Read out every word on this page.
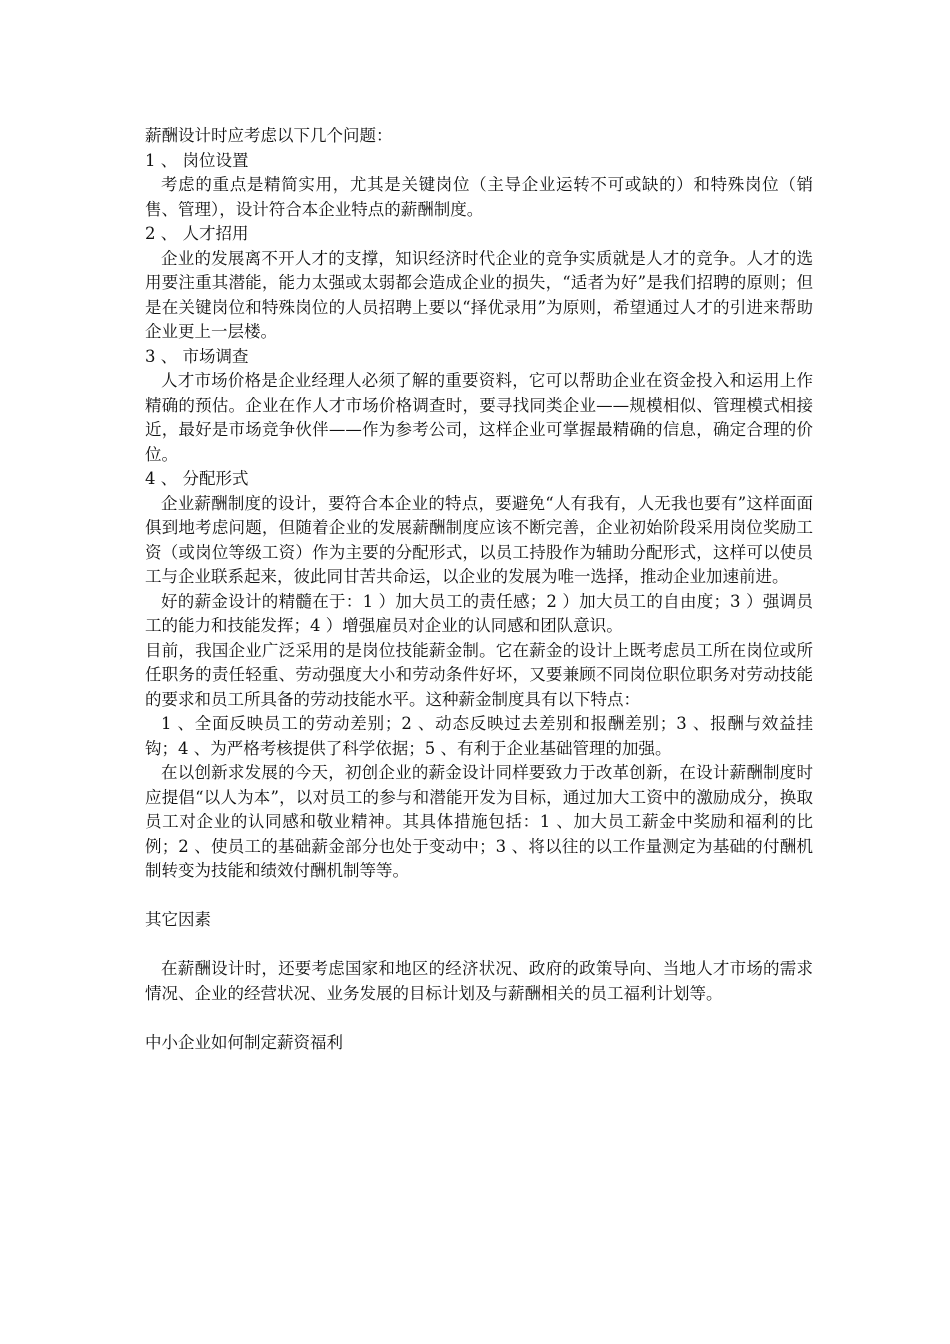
薪酬设计时应考虑以下几个问题：

1 、 岗位设置

考虑的重点是精简实用，尤其是关键岗位（主导企业运转不可或缺的）和特殊岗位（销售、管理），设计符合本企业特点的薪酬制度。

2 、 人才招用

企业的发展离不开人才的支撑，知识经济时代企业的竞争实质就是人才的竞争。人才的选用要注重其潜能，能力太强或太弱都会造成企业的损失，“适者为好”是我们招聘的原则；但是在关键岗位和特殊岗位的人员招聘上要以“择优录用”为原则，希望通过人才的引进来帮助企业更上一层楼。

3 、 市场调查

人才市场价格是企业经理人必须了解的重要资料，它可以帮助企业在资金投入和运用上作精确的预估。企业在作人才市场价格调查时，要寻找同类企业——规模相似、管理模式相接近，最好是市场竞争伙伴——作为参考公司，这样企业可掌握最精确的信息，确定合理的价位。

4 、 分配形式

企业薪酬制度的设计，要符合本企业的特点，要避免“人有我有，人无我也要有”这样面面俱到地考虑问题，但随着企业的发展薪酬制度应该不断完善，企业初始阶段采用岗位奖励工资（或岗位等级工资）作为主要的分配形式，以员工持股作为辅助分配形式，这样可以使员工与企业联系起来，彼此同甘苦共命运，以企业的发展为唯一选择，推动企业加速前进。

好的薪金设计的精髓在于：1 ）加大员工的责任感；2 ）加大员工的自由度；3 ）强调员工的能力和技能发挥；4 ）增强雇员对企业的认同感和团队意识。

目前，我国企业广泛采用的是岗位技能薪金制。它在薪金的设计上既考虑员工所在岗位或所任职务的责任轻重、劳动强度大小和劳动条件好坏，又要兼顾不同岗位职位职务对劳动技能的要求和员工所具备的劳动技能水平。这种薪金制度具有以下特点：

1 、全面反映员工的劳动差别；2 、动态反映过去差别和报酬差别；3 、报酬与效益挂钩；4 、为严格考核提供了科学依据；5 、有利于企业基础管理的加强。

在以创新求发展的今天，初创企业的薪金设计同样要致力于改革创新，在设计薪酬制度时应提倡“以人为本”，以对员工的参与和潜能开发为目标，通过加大工资中的激励成分，换取员工对企业的认同感和敬业精神。其具体措施包括：1 、加大员工薪金中奖励和福利的比例；2 、使员工的基础薪金部分也处于变动中；3 、将以往的以工作量测定为基础的付酬机制转变为技能和绩效付酬机制等等。

其它因素

在薪酬设计时，还要考虑国家和地区的经济状况、政府的政策导向、当地人才市场的需求情况、企业的经营状况、业务发展的目标计划及与薪酬相关的员工福利计划等。

中小企业如何制定薪资福利
